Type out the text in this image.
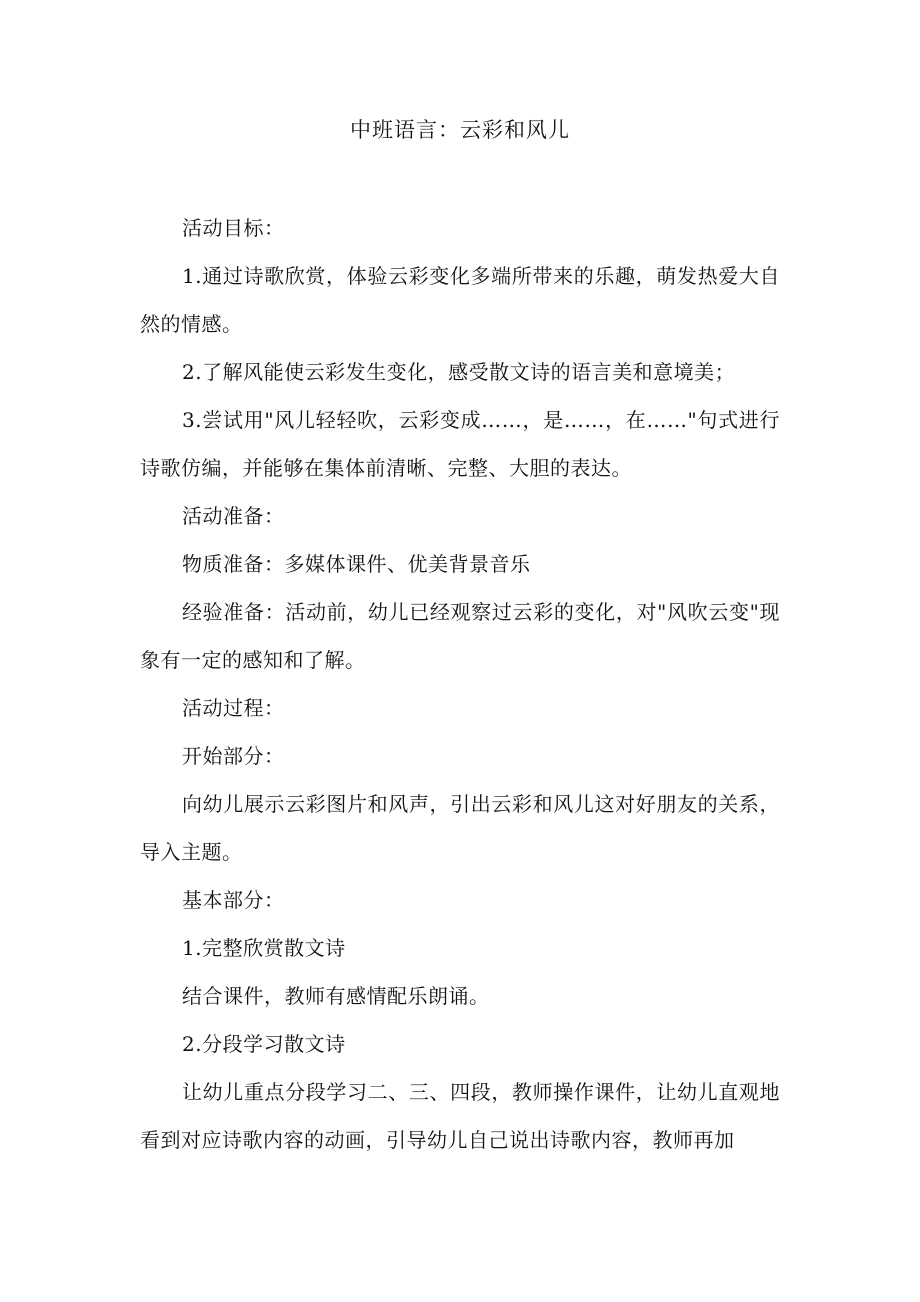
中班语言：云彩和风儿

活动目标：

1.通过诗歌欣赏，体验云彩变化多端所带来的乐趣，萌发热爱大自然的情感。

2.了解风能使云彩发生变化，感受散文诗的语言美和意境美；

3.尝试用"风儿轻轻吹，云彩变成……，是……，在……"句式进行诗歌仿编，并能够在集体前清晰、完整、大胆的表达。

活动准备：

物质准备：多媒体课件、优美背景音乐

经验准备：活动前，幼儿已经观察过云彩的变化，对"风吹云变"现象有一定的感知和了解。

活动过程：

开始部分：

向幼儿展示云彩图片和风声，引出云彩和风儿这对好朋友的关系，导入主题。

基本部分：

1.完整欣赏散文诗

结合课件，教师有感情配乐朗诵。

2.分段学习散文诗

让幼儿重点分段学习二、三、四段，教师操作课件，让幼儿直观地看到对应诗歌内容的动画，引导幼儿自己说出诗歌内容，教师再加
